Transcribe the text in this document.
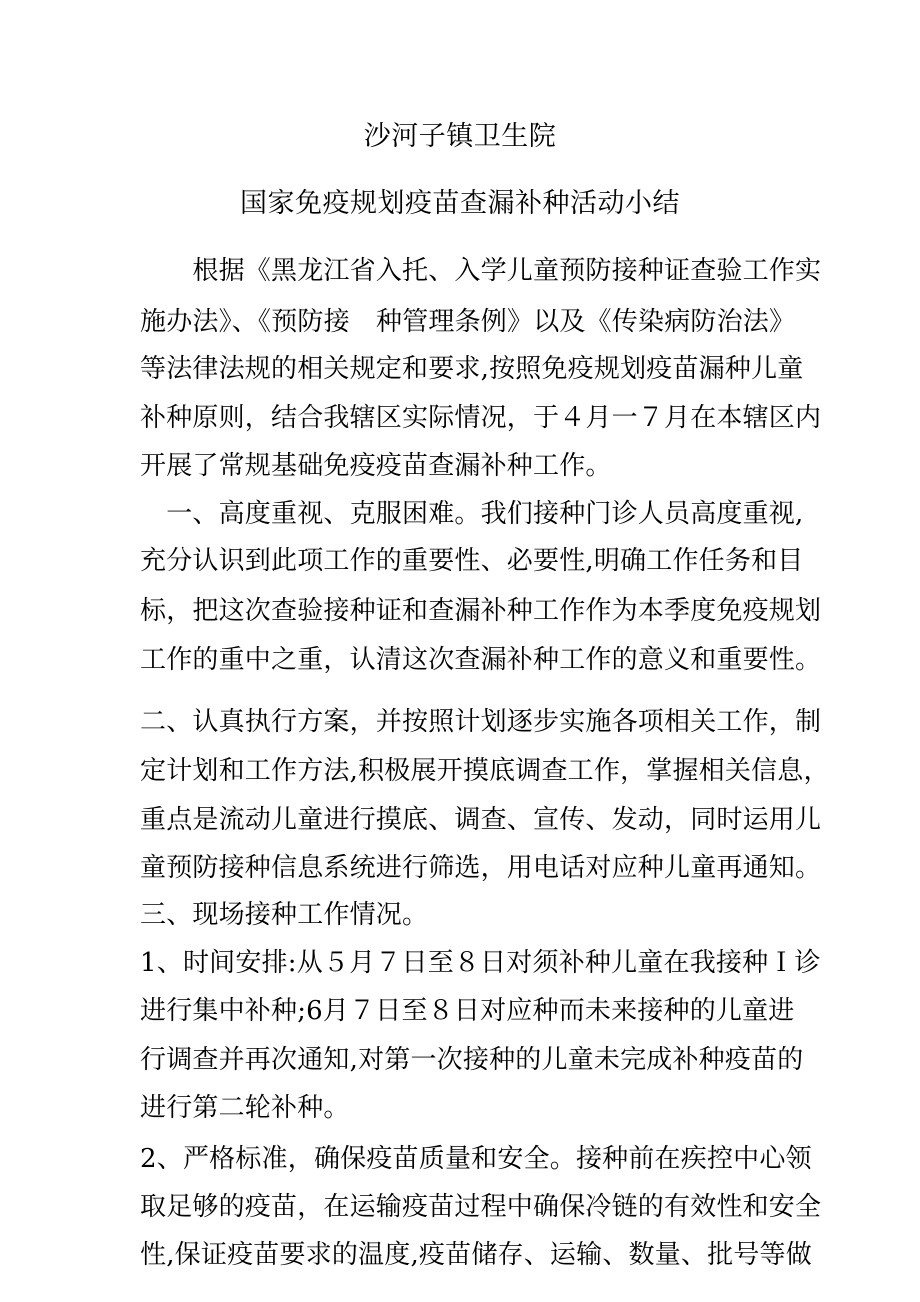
沙河子镇卫生院
国家免疫规划疫苗查漏补种活动小结
　　根据《黑龙江省入托、入学儿童预防接种证查验工作实
施办法》、《预防接　种管理条例》以及《传染病防治法》
等法律法规的相关规定和要求,按照免疫规划疫苗漏种儿童
补种原则，结合我辖区实际情况，于４月一７月在本辖区内
开展了常规基础免疫疫苗查漏补种工作。
　一、高度重视、克服困难。我们接种门诊人员高度重视,
充分认识到此项工作的重要性、必要性,明确工作任务和目
标，把这次查验接种证和查漏补种工作作为本季度免疫规划
工作的重中之重，认清这次查漏补种工作的意义和重要性。
二、认真执行方案，并按照计划逐步实施各项相关工作，制
定计划和工作方法,积极展开摸底调查工作，掌握相关信息，
重点是流动儿童进行摸底、调查、宣传、发动，同时运用儿
童预防接种信息系统进行筛选，用电话对应种儿童再通知。
三、现场接种工作情况。
1、时间安排:从５月７日至８日对须补种儿童在我接种Ｉ诊
进行集中补种;6月７日至８日对应种而未来接种的儿童进
行调查并再次通知,对第一次接种的儿童未完成补种疫苗的
进行第二轮补种。
2、严格标准，确保疫苗质量和安全。接种前在疾控中心领
取足够的疫苗，在运输疫苗过程中确保冷链的有效性和安全
性,保证疫苗要求的温度,疫苗储存、运输、数量、批号等做
